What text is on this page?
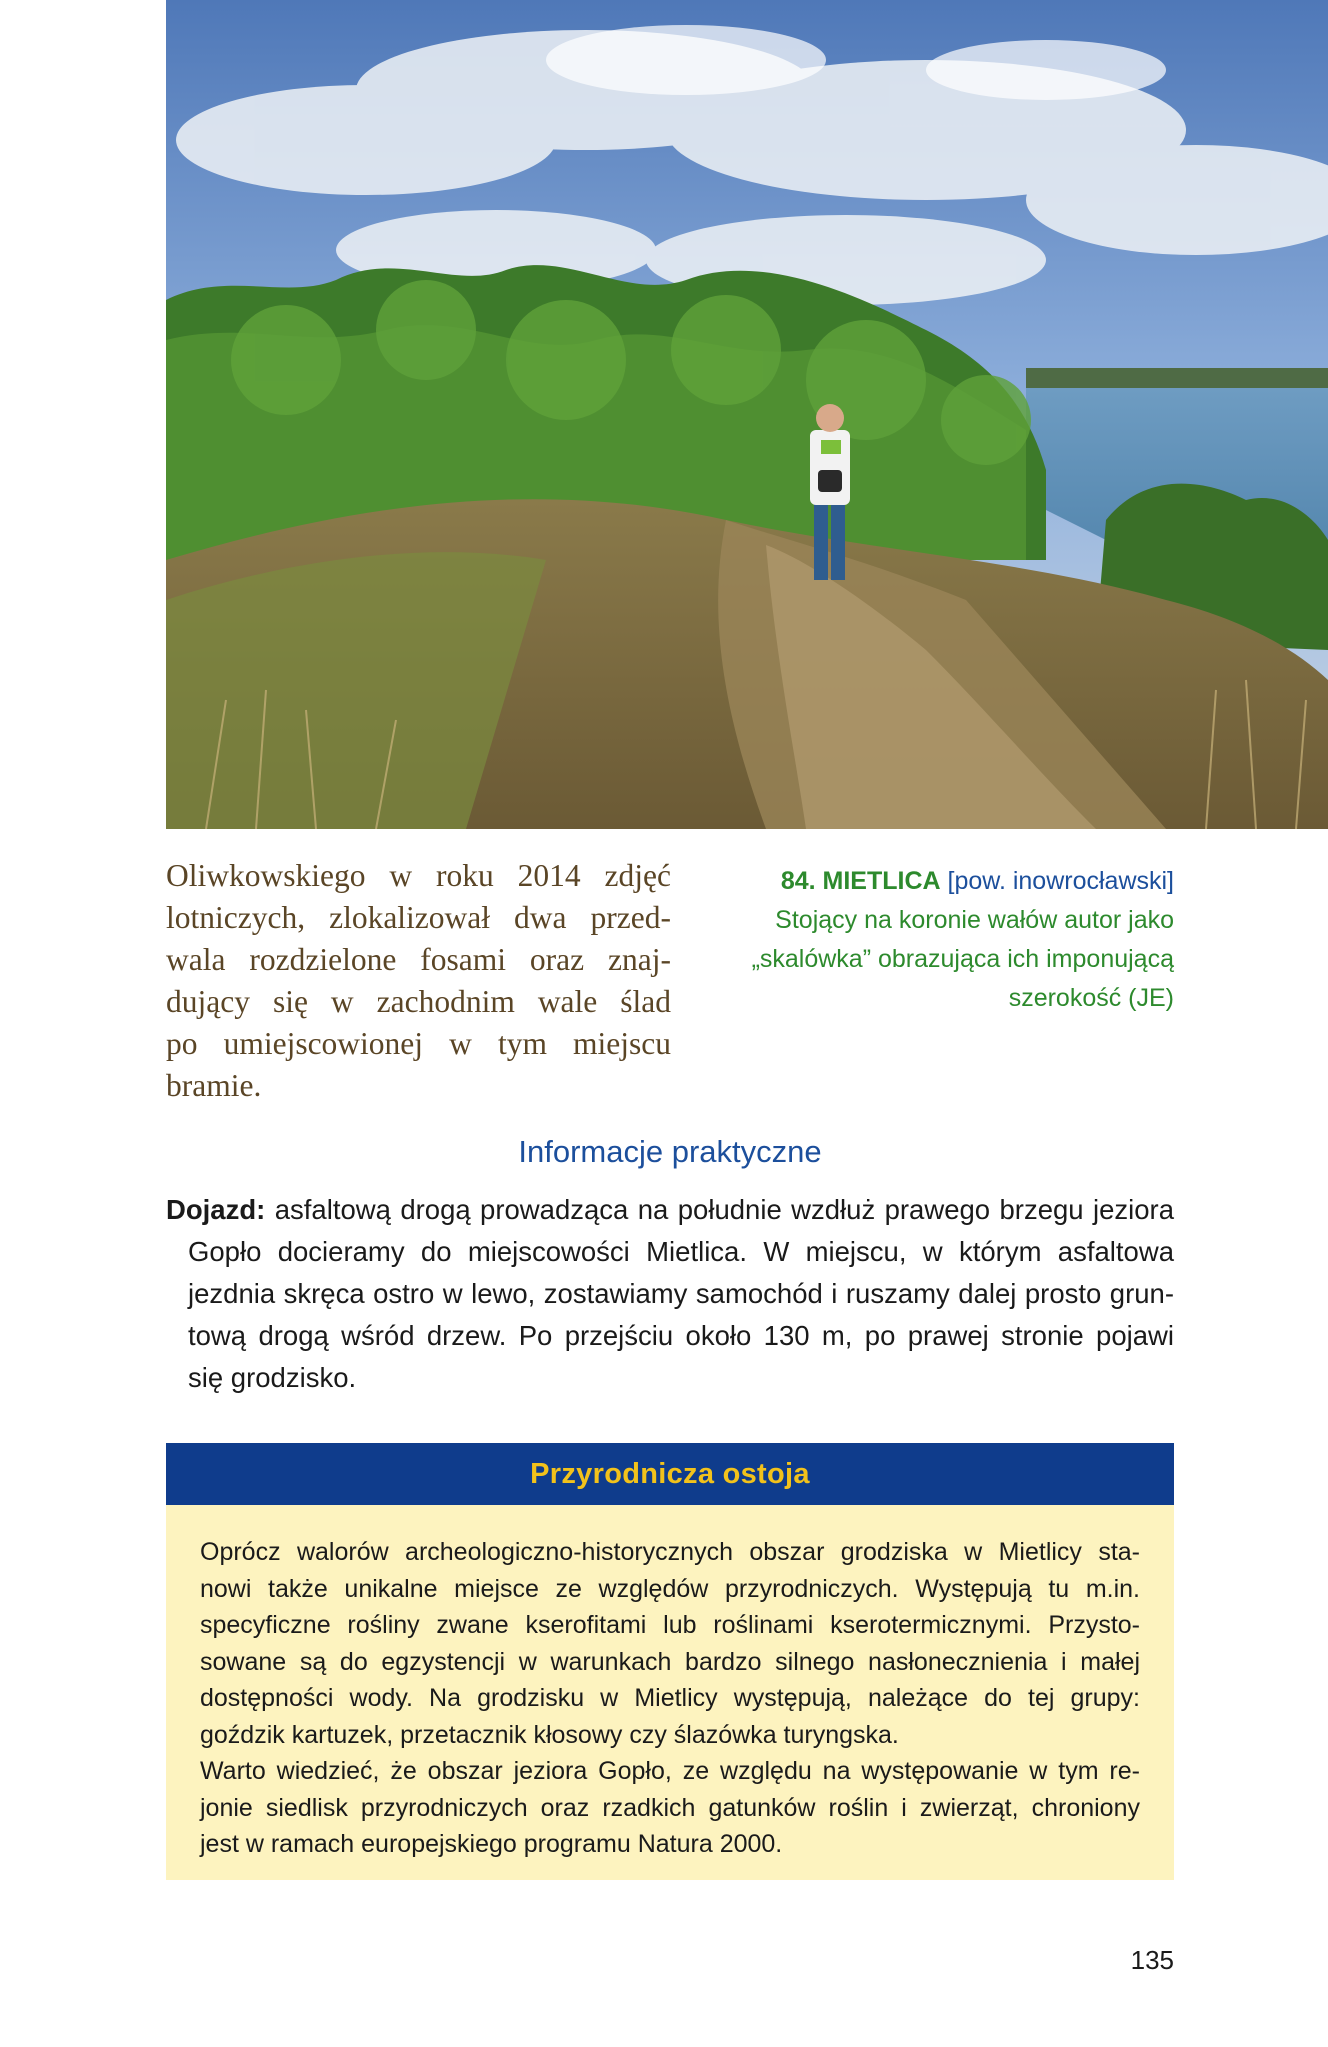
Oliwkowskiego w roku 2014 zdjęć
lotniczych, zlokalizował dwa przed-
wala rozdzielone fosami oraz znaj-
dujący się w zachodnim wale ślad
po umiejscowionej w tym miejscu
bramie.
84. MIETLICA [pow. inowrocławski]
Stojący na koronie wałów autor jako
„skalówka” obrazująca ich imponującą
szerokość (JE)
Informacje praktyczne
Dojazd: asfaltową drogą prowadząca na południe wzdłuż prawego brzegu jeziora
Gopło docieramy do miejscowości Mietlica. W miejscu, w którym asfaltowa
jezdnia skręca ostro w lewo, zostawiamy samochód i ruszamy dalej prosto grun-
tową drogą wśród drzew. Po przejściu około 130 m, po prawej stronie pojawi
się grodzisko.
Przyrodnicza ostoja
Oprócz walorów archeologiczno-historycznych obszar grodziska w Mietlicy sta-
nowi także unikalne miejsce ze względów przyrodniczych. Występują tu m.in.
specyficzne rośliny zwane kserofitami lub roślinami kserotermicznymi. Przysto-
sowane są do egzystencji w warunkach bardzo silnego nasłonecznienia i małej
dostępności wody. Na grodzisku w Mietlicy występują, należące do tej grupy:
goździk kartuzek, przetacznik kłosowy czy ślazówka turyngska.
Warto wiedzieć, że obszar jeziora Gopło, ze względu na występowanie w tym re-
jonie siedlisk przyrodniczych oraz rzadkich gatunków roślin i zwierząt, chroniony
jest w ramach europejskiego programu Natura 2000.
135
